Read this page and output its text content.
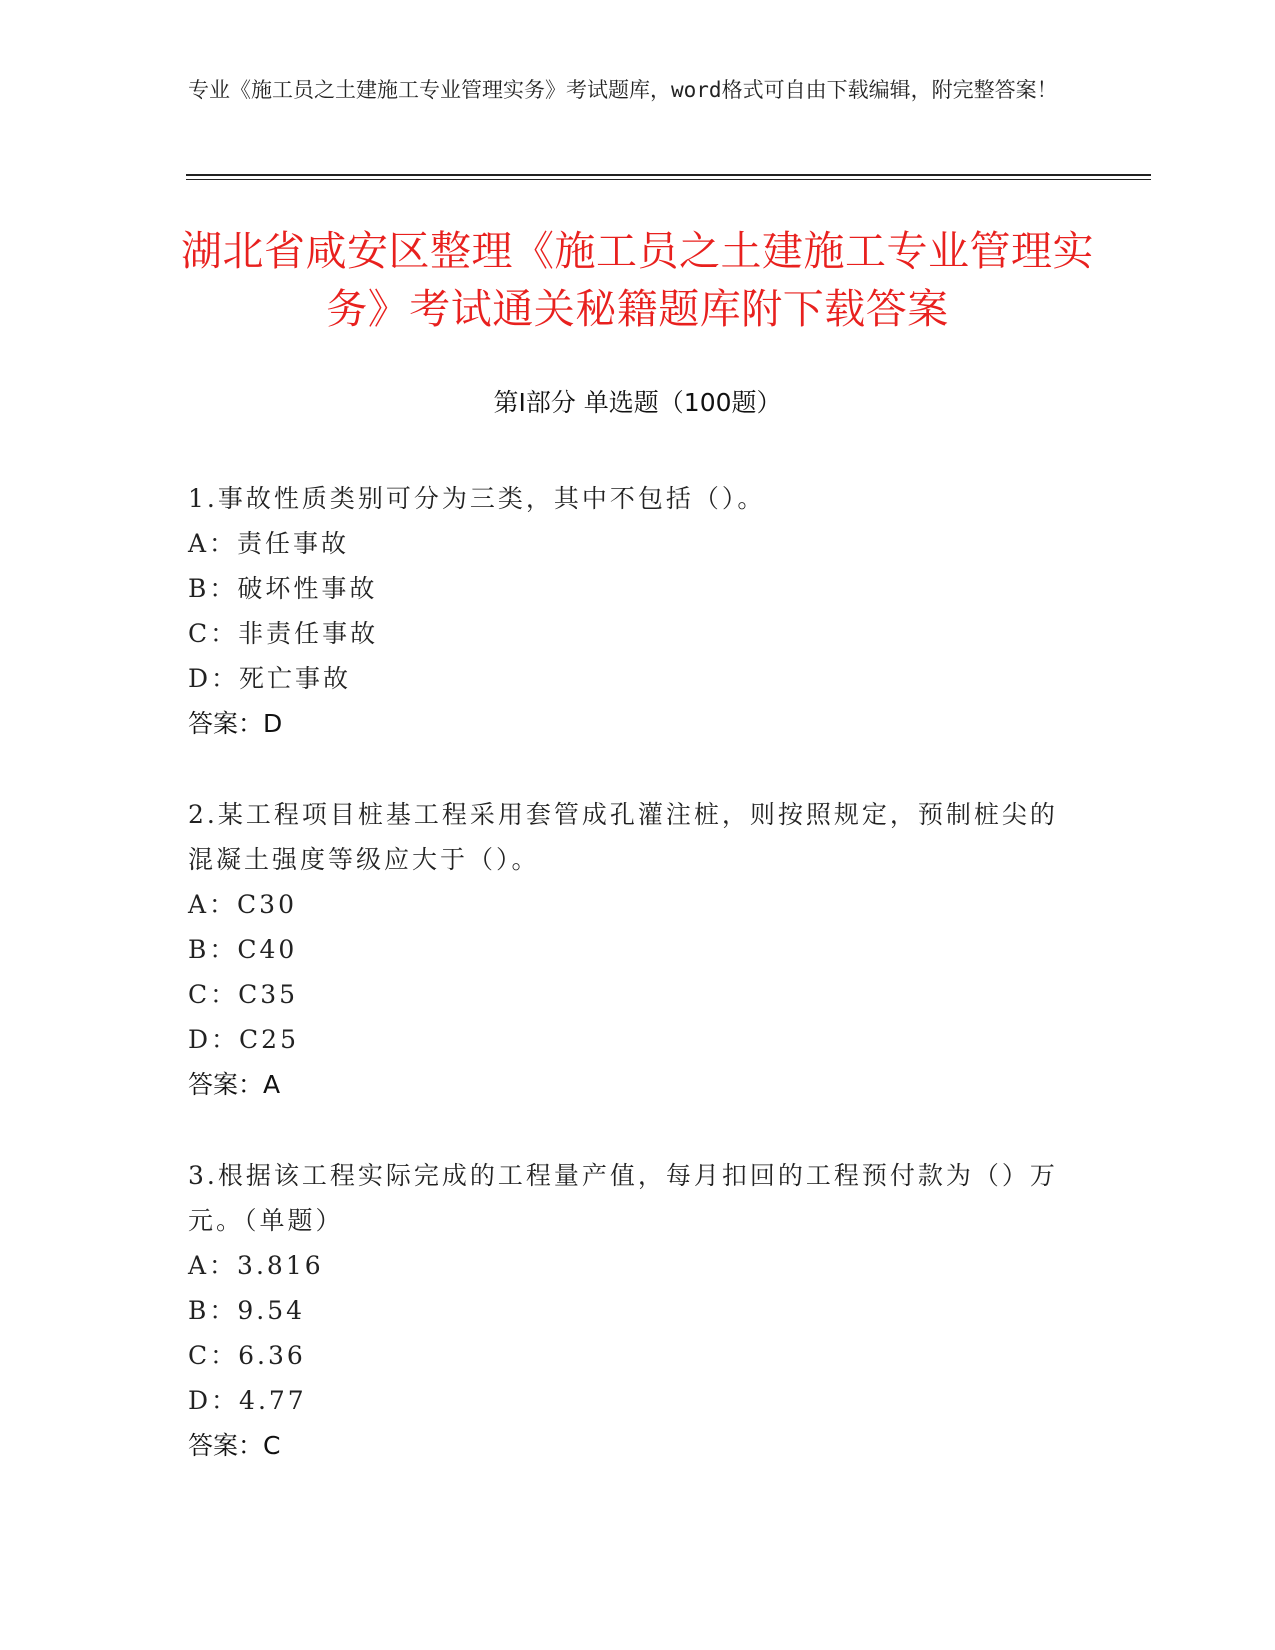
专业《施工员之土建施工专业管理实务》考试题库，word格式可自由下载编辑，附完整答案！
湖北省咸安区整理《施工员之土建施工专业管理实务》考试通关秘籍题库附下载答案
第Ⅰ部分 单选题（100题）
1.事故性质类别可分为三类，其中不包括（）。
A：责任事故
B：破坏性事故
C：非责任事故
D：死亡事故
答案：D
2.某工程项目桩基工程采用套管成孔灌注桩，则按照规定，预制桩尖的混凝土强度等级应大于（）。
A：C30
B：C40
C：C35
D：C25
答案：A
3.根据该工程实际完成的工程量产值，每月扣回的工程预付款为（）万元。（单题）
A：3.816
B：9.54
C：6.36
D：4.77
答案：C
